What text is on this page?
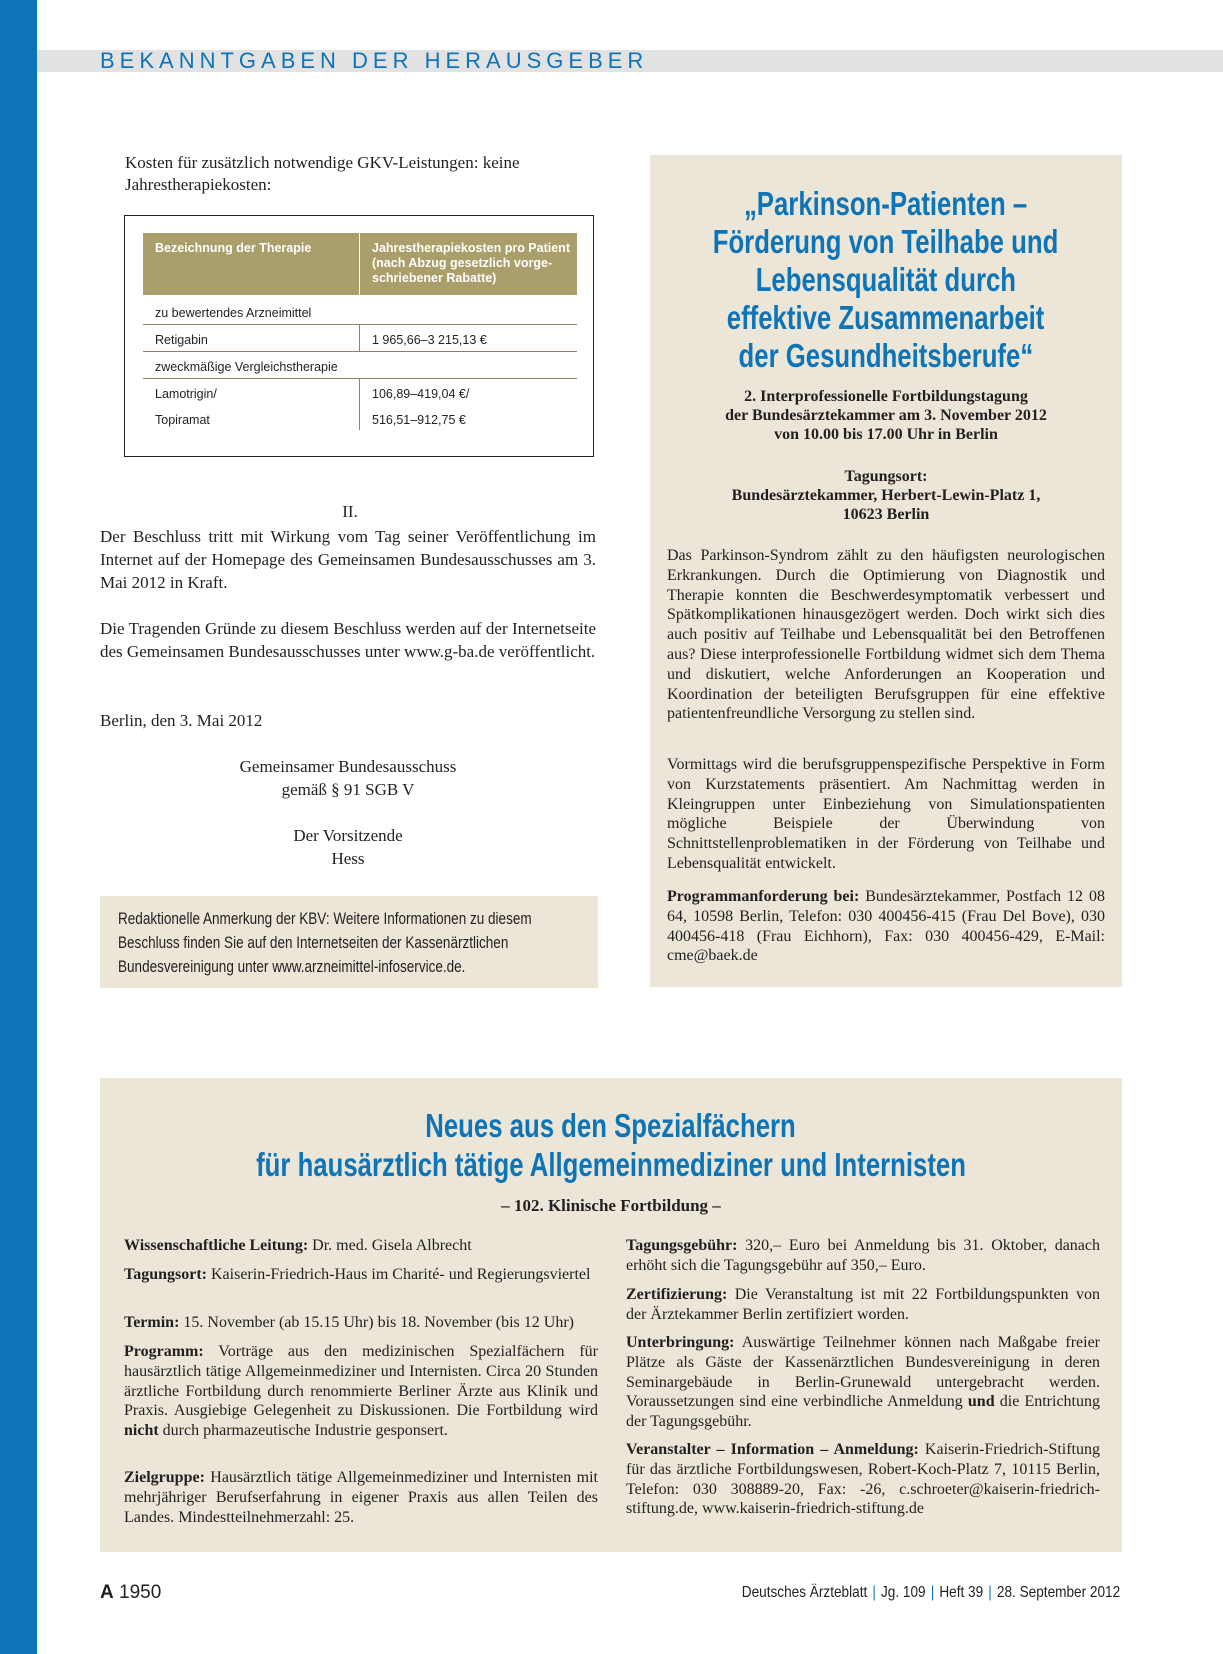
BEKANNTGABEN DER HERAUSGEBER
Kosten für zusätzlich notwendige GKV-Leistungen: keine
Jahrestherapiekosten:
Bezeichnung der Therapie	Jahrestherapiekosten pro Patient (nach Abzug gesetzlich vorge-schriebener Rabatte)
zu bewertendes Arzneimittel
Retigabin	1 965,66–3 215,13 €
zweckmäßige Vergleichstherapie
Lamotrigin/	106,89–419,04 €/
Topiramat	516,51–912,75 €
II.
Der Beschluss tritt mit Wirkung vom Tag seiner Veröffentlichung im Internet auf der Homepage des Gemeinsamen Bundesausschusses am 3. Mai 2012 in Kraft.
Die Tragenden Gründe zu diesem Beschluss werden auf der Internetseite des Gemeinsamen Bundesausschusses unter www.g-ba.de veröffentlicht.
Berlin, den 3. Mai 2012
Gemeinsamer Bundesausschuss
gemäß § 91 SGB V
Der Vorsitzende
Hess
Redaktionelle Anmerkung der KBV: Weitere Informationen zu diesem Beschluss finden Sie auf den Internetseiten der Kassenärztlichen Bundesvereinigung unter www.arzneimittel-infoservice.de.
„Parkinson-Patienten –
Förderung von Teilhabe und
Lebensqualität durch
effektive Zusammenarbeit
der Gesundheitsberufe“
2. Interprofessionelle Fortbildungstagung
der Bundesärztekammer am 3. November 2012
von 10.00 bis 17.00 Uhr in Berlin
Tagungsort:
Bundesärztekammer, Herbert-Lewin-Platz 1,
10623 Berlin
Das Parkinson-Syndrom zählt zu den häufigsten neurologischen Erkrankungen. Durch die Optimierung von Diagnostik und Therapie konnten die Beschwerdesymptomatik verbessert und Spätkomplikationen hinausgezögert werden. Doch wirkt sich dies auch positiv auf Teilhabe und Lebensqualität bei den Betroffenen aus? Diese interprofessionelle Fortbildung widmet sich dem Thema und diskutiert, welche Anforderungen an Kooperation und Koordination der beteiligten Berufsgruppen für eine effektive patientenfreundliche Versorgung zu stellen sind.
Vormittags wird die berufsgruppenspezifische Perspektive in Form von Kurzstatements präsentiert. Am Nachmittag werden in Kleingruppen unter Einbeziehung von Simulationspatienten mögliche Beispiele der Überwindung von Schnittstellenproblematiken in der Förderung von Teilhabe und Lebensqualität entwickelt.
Programmanforderung bei: Bundesärztekammer, Postfach 12 08 64, 10598 Berlin, Telefon: 030 400456-415 (Frau Del Bove), 030 400456-418 (Frau Eichhorn), Fax: 030 400456-429, E-Mail: cme@baek.de
Neues aus den Spezialfächern
für hausärztlich tätige Allgemeinmediziner und Internisten
– 102. Klinische Fortbildung –
Wissenschaftliche Leitung: Dr. med. Gisela Albrecht
Tagungsort: Kaiserin-Friedrich-Haus im Charité- und Regierungsviertel
Termin: 15. November (ab 15.15 Uhr) bis 18. November (bis 12 Uhr)
Programm: Vorträge aus den medizinischen Spezialfächern für hausärztlich tätige Allgemeinmediziner und Internisten. Circa 20 Stunden ärztliche Fortbildung durch renommierte Berliner Ärzte aus Klinik und Praxis. Ausgiebige Gelegenheit zu Diskussionen. Die Fortbildung wird nicht durch pharmazeutische Industrie gesponsert.
Zielgruppe: Hausärztlich tätige Allgemeinmediziner und Internisten mit mehrjähriger Berufserfahrung in eigener Praxis aus allen Teilen des Landes. Mindestteilnehmerzahl: 25.
Tagungsgebühr: 320,– Euro bei Anmeldung bis 31. Oktober, danach erhöht sich die Tagungsgebühr auf 350,– Euro.
Zertifizierung: Die Veranstaltung ist mit 22 Fortbildungspunkten von der Ärztekammer Berlin zertifiziert worden.
Unterbringung: Auswärtige Teilnehmer können nach Maßgabe freier Plätze als Gäste der Kassenärztlichen Bundesvereinigung in deren Seminargebäude in Berlin-Grunewald untergebracht werden. Voraussetzungen sind eine verbindliche Anmeldung und die Entrichtung der Tagungsgebühr.
Veranstalter – Information – Anmeldung: Kaiserin-Friedrich-Stiftung für das ärztliche Fortbildungswesen, Robert-Koch-Platz 7, 10115 Berlin, Telefon: 030 308889-20, Fax: -26, c.schroeter@kaiserin-friedrich-stiftung.de, www.kaiserin-friedrich-stiftung.de
A 1950	Deutsches Ärzteblatt | Jg. 109 | Heft 39 | 28. September 2012
